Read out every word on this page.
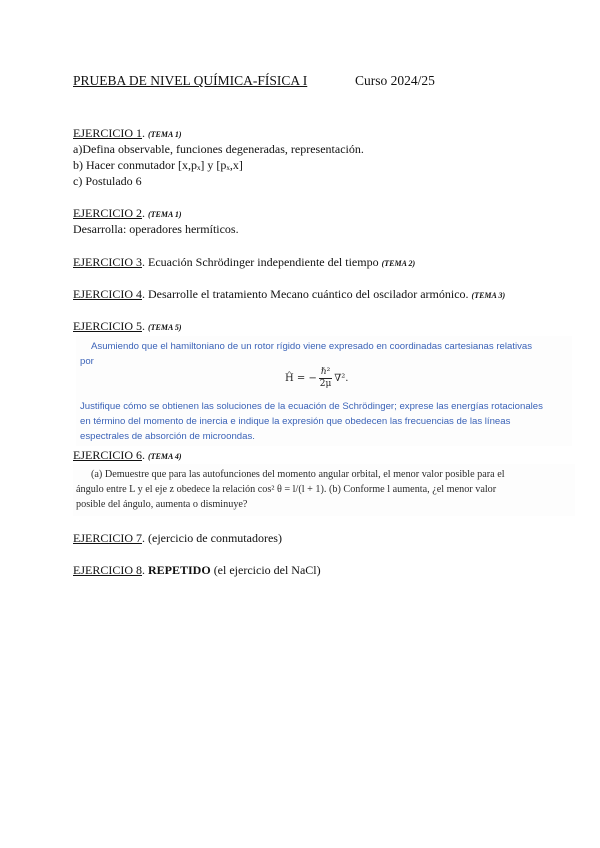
PRUEBA DE NIVEL QUÍMICA-FÍSICA I	Curso 2024/25
EJERCICIO 1. (TEMA 1)
a)Defina observable, funciones degeneradas, representación.
b) Hacer conmutador [x,pₓ] y [pₓ,x]
c) Postulado 6
EJERCICIO 2. (TEMA 1)
Desarrolla: operadores hermíticos.
EJERCICIO 3. Ecuación Schrödinger independiente del tiempo (TEMA 2)
EJERCICIO 4. Desarrolle el tratamiento Mecano cuántico del oscilador armónico. (TEMA 3)
EJERCICIO 5. (TEMA 5)
Asumiendo que el hamiltoniano de un rotor rígido viene expresado en coordinadas cartesianas relativas
por
Ĥ = − $\frac{\text{ℏ²}}{2\mu} \nabla^2$.
Justifique cómo se obtienen las soluciones de la ecuación de Schrödinger; exprese las energías rotacionales
en término del momento de inercia e indique la expresión que obedecen las frecuencias de las líneas
espectrales de absorción de microondas.
EJERCICIO 6. (TEMA 4)
(a) Demuestre que para las autofunciones del momento angular orbital, el menor valor posible para el
ángulo entre L y el eje z obedece la relación cos² θ = l/(l + 1). (b) Conforme l aumenta, ¿el menor valor
posible del ángulo, aumenta o disminuye?
EJERCICIO 7. (ejercicio de conmutadores)
EJERCICIO 8. REPETIDO (el ejercicio del NaCl)
